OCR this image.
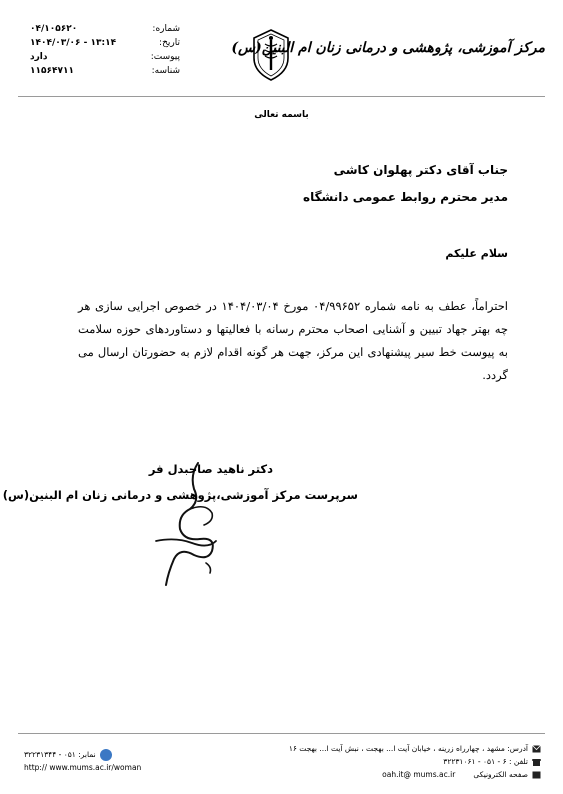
۰۴/۱۰۵۶۲۰	شماره:
۱۴۰۴/۰۳/۰۶ - ۱۳:۱۴	تاریخ:
دارد	پیوست:
۱۱۵۶۴۷۱۱	شناسه:
مرکز آموزشی، پژوهشی و درمانی زنان ام البنین(س)
باسمه تعالی
جناب آقای دکتر پهلوان کاشی
مدیر محترم روابط عمومی دانشگاه
سلام علیکم
احتراماً، عطف به نامه شماره ۰۴/۹۹۶۵۲ مورخ ۱۴۰۴/۰۳/۰۴ در خصوص اجرایی سازی هر چه بهتر جهاد تبیین و آشنایی اصحاب محترم رسانه با فعالیتها و دستاوردهای حوزه سلامت به پیوست خط سیر پیشنهادی این مرکز، جهت هر گونه اقدام لازم به حضورتان ارسال می گردد.
دکتر ناهید صاحبدل فر
سرپرست مرکز آموزشی،پژوهشی و درمانی زنان ام البنین(س)
آدرس: مشهد ، چهارراه زرینه ، خیابان آیت ا... بهجت ، نبش آیت ا... بهجت ۱۶
تلفن : ۶ - ۰۵۱ - ۳۲۲۳۱۰۶۱
صفحه الکترونیکی
oah.it@ mums.ac.ir
نمابر: ۰۵۱ - ۳۲۲۳۱۳۴۴
http:// www.mums.ac.ir/woman
